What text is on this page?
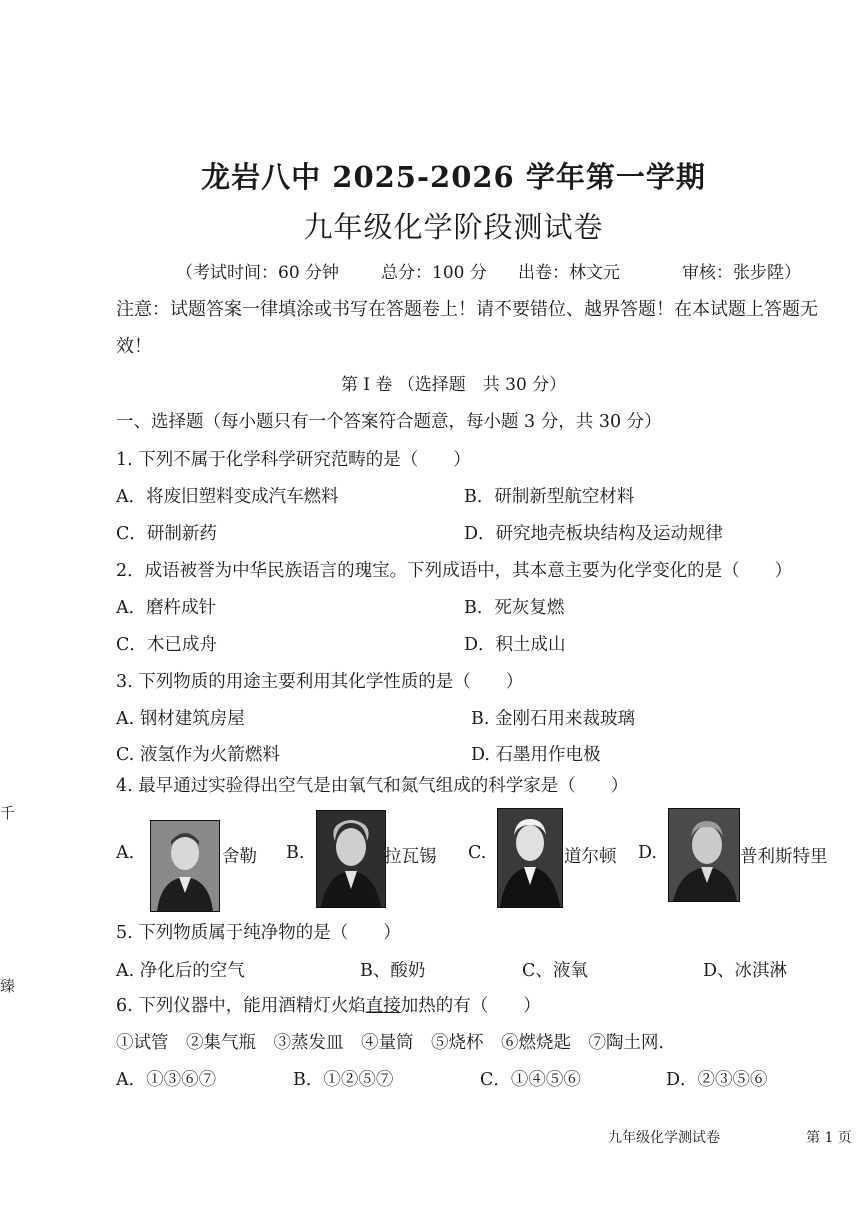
龙岩八中 2025-2026 学年第一学期
九年级化学阶段测试卷
（考试时间：60 分钟 总分：100 分 出卷：林文元	审核：张步陞）
注意：试题答案一律填涂或书写在答题卷上！请不要错位、越界答题！在本试题上答题无效！
第 I 卷 （选择题　共 30 分）
一、选择题（每小题只有一个答案符合题意，每小题 3 分，共 30 分）
1. 下列不属于化学科学研究范畴的是（　　）
A．将废旧塑料变成汽车燃料	B．研制新型航空材料
C．研制新药	D．研究地壳板块结构及运动规律
2．成语被誉为中华民族语言的瑰宝。下列成语中，其本意主要为化学变化的是（　　）
A．磨杵成针	B．死灰复燃
C．木已成舟	D．积土成山
3. 下列物质的用途主要利用其化学性质的是（　　）
A. 钢材建筑房屋	B. 金刚石用来裁玻璃
C. 液氢作为火箭燃料	D. 石墨用作电极
4. 最早通过实验得出空气是由氧气和氮气组成的科学家是（　　）
A.	舍勒 B.	拉瓦锡 C.	道尔顿 D.	普利斯特里
5. 下列物质属于纯净物的是（　　）
A. 净化后的空气	B、酸奶	C、液氧	D、冰淇淋
6. 下列仪器中，能用酒精灯火焰直接加热的有（　　）
①试管　②集气瓶　③蒸发皿　④量筒　⑤烧杯　⑥燃烧匙　⑦陶土网．
A．①③⑥⑦	B．①②⑤⑦	C．①④⑤⑥	D．②③⑤⑥
千
臻
九年级化学测试卷	第 1 页
